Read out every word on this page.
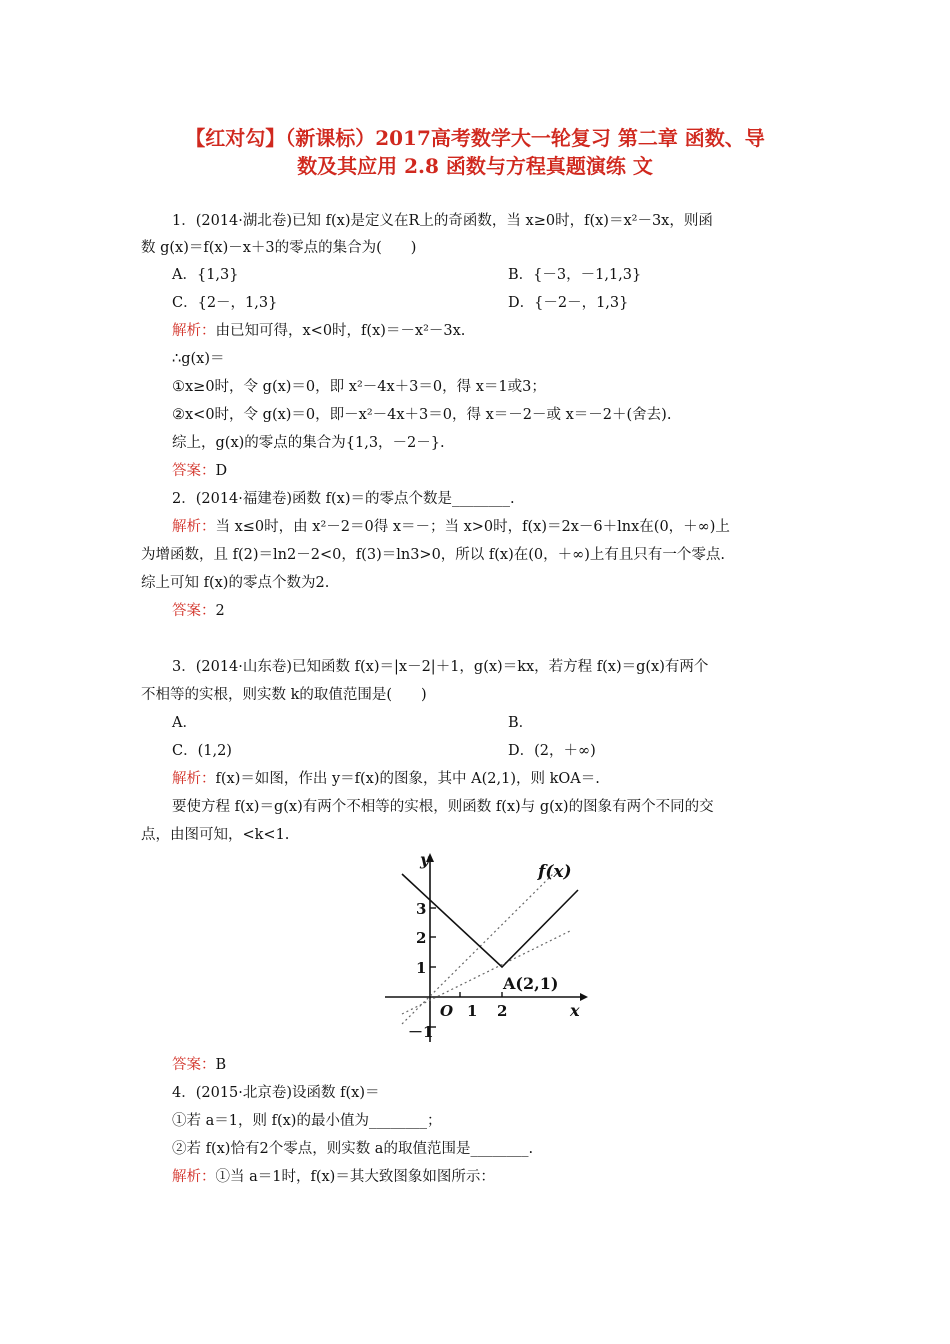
【红对勾】（新课标）2017高考数学大一轮复习 第二章 函数、导
数及其应用 2.8 函数与方程真题演练 文
1．(2014·湖北卷)已知 f(x)是定义在R上的奇函数，当 x≥0时，f(x)＝x²－3x，则函
数 g(x)＝f(x)－x＋3的零点的集合为(　　)
A．{1,3}	B．{－3，－1,1,3}
C．{2－，1,3}	D．{－2－，1,3}
解析：由已知可得，x<0时，f(x)＝－x²－3x.
∴g(x)＝
①x≥0时，令 g(x)＝0，即 x²－4x＋3＝0，得 x＝1或3；
②x<0时，令 g(x)＝0，即－x²－4x＋3＝0，得 x＝－2－或 x＝－2＋(舍去).
综上，g(x)的零点的集合为{1,3，－2－}.
答案：D
2．(2014·福建卷)函数 f(x)＝的零点个数是________.
解析：当 x≤0时，由 x²－2＝0得 x＝－；当 x>0时，f(x)＝2x－6＋lnx在(0，＋∞)上
为增函数，且 f(2)＝ln2－2<0，f(3)＝ln3>0，所以 f(x)在(0，＋∞)上有且只有一个零点.
综上可知 f(x)的零点个数为2.
答案：2
3．(2014·山东卷)已知函数 f(x)＝|x－2|＋1，g(x)＝kx，若方程 f(x)＝g(x)有两个
不相等的实根，则实数 k的取值范围是(　　)
A．	B．
C．(1,2)	D．(2，＋∞)
解析：f(x)＝如图，作出 y＝f(x)的图象，其中 A(2,1)，则 kOA＝.
要使方程 f(x)＝g(x)有两个不相等的实根，则函数 f(x)与 g(x)的图象有两个不同的交
点，由图可知，<k<1.
f(x)
A(2,1)
x
y
O 1 2
1
2
3
－1
答案：B
4．(2015·北京卷)设函数 f(x)＝
①若 a＝1，则 f(x)的最小值为________；
②若 f(x)恰有2个零点，则实数 a的取值范围是________.
解析：①当 a＝1时，f(x)＝其大致图象如图所示：
